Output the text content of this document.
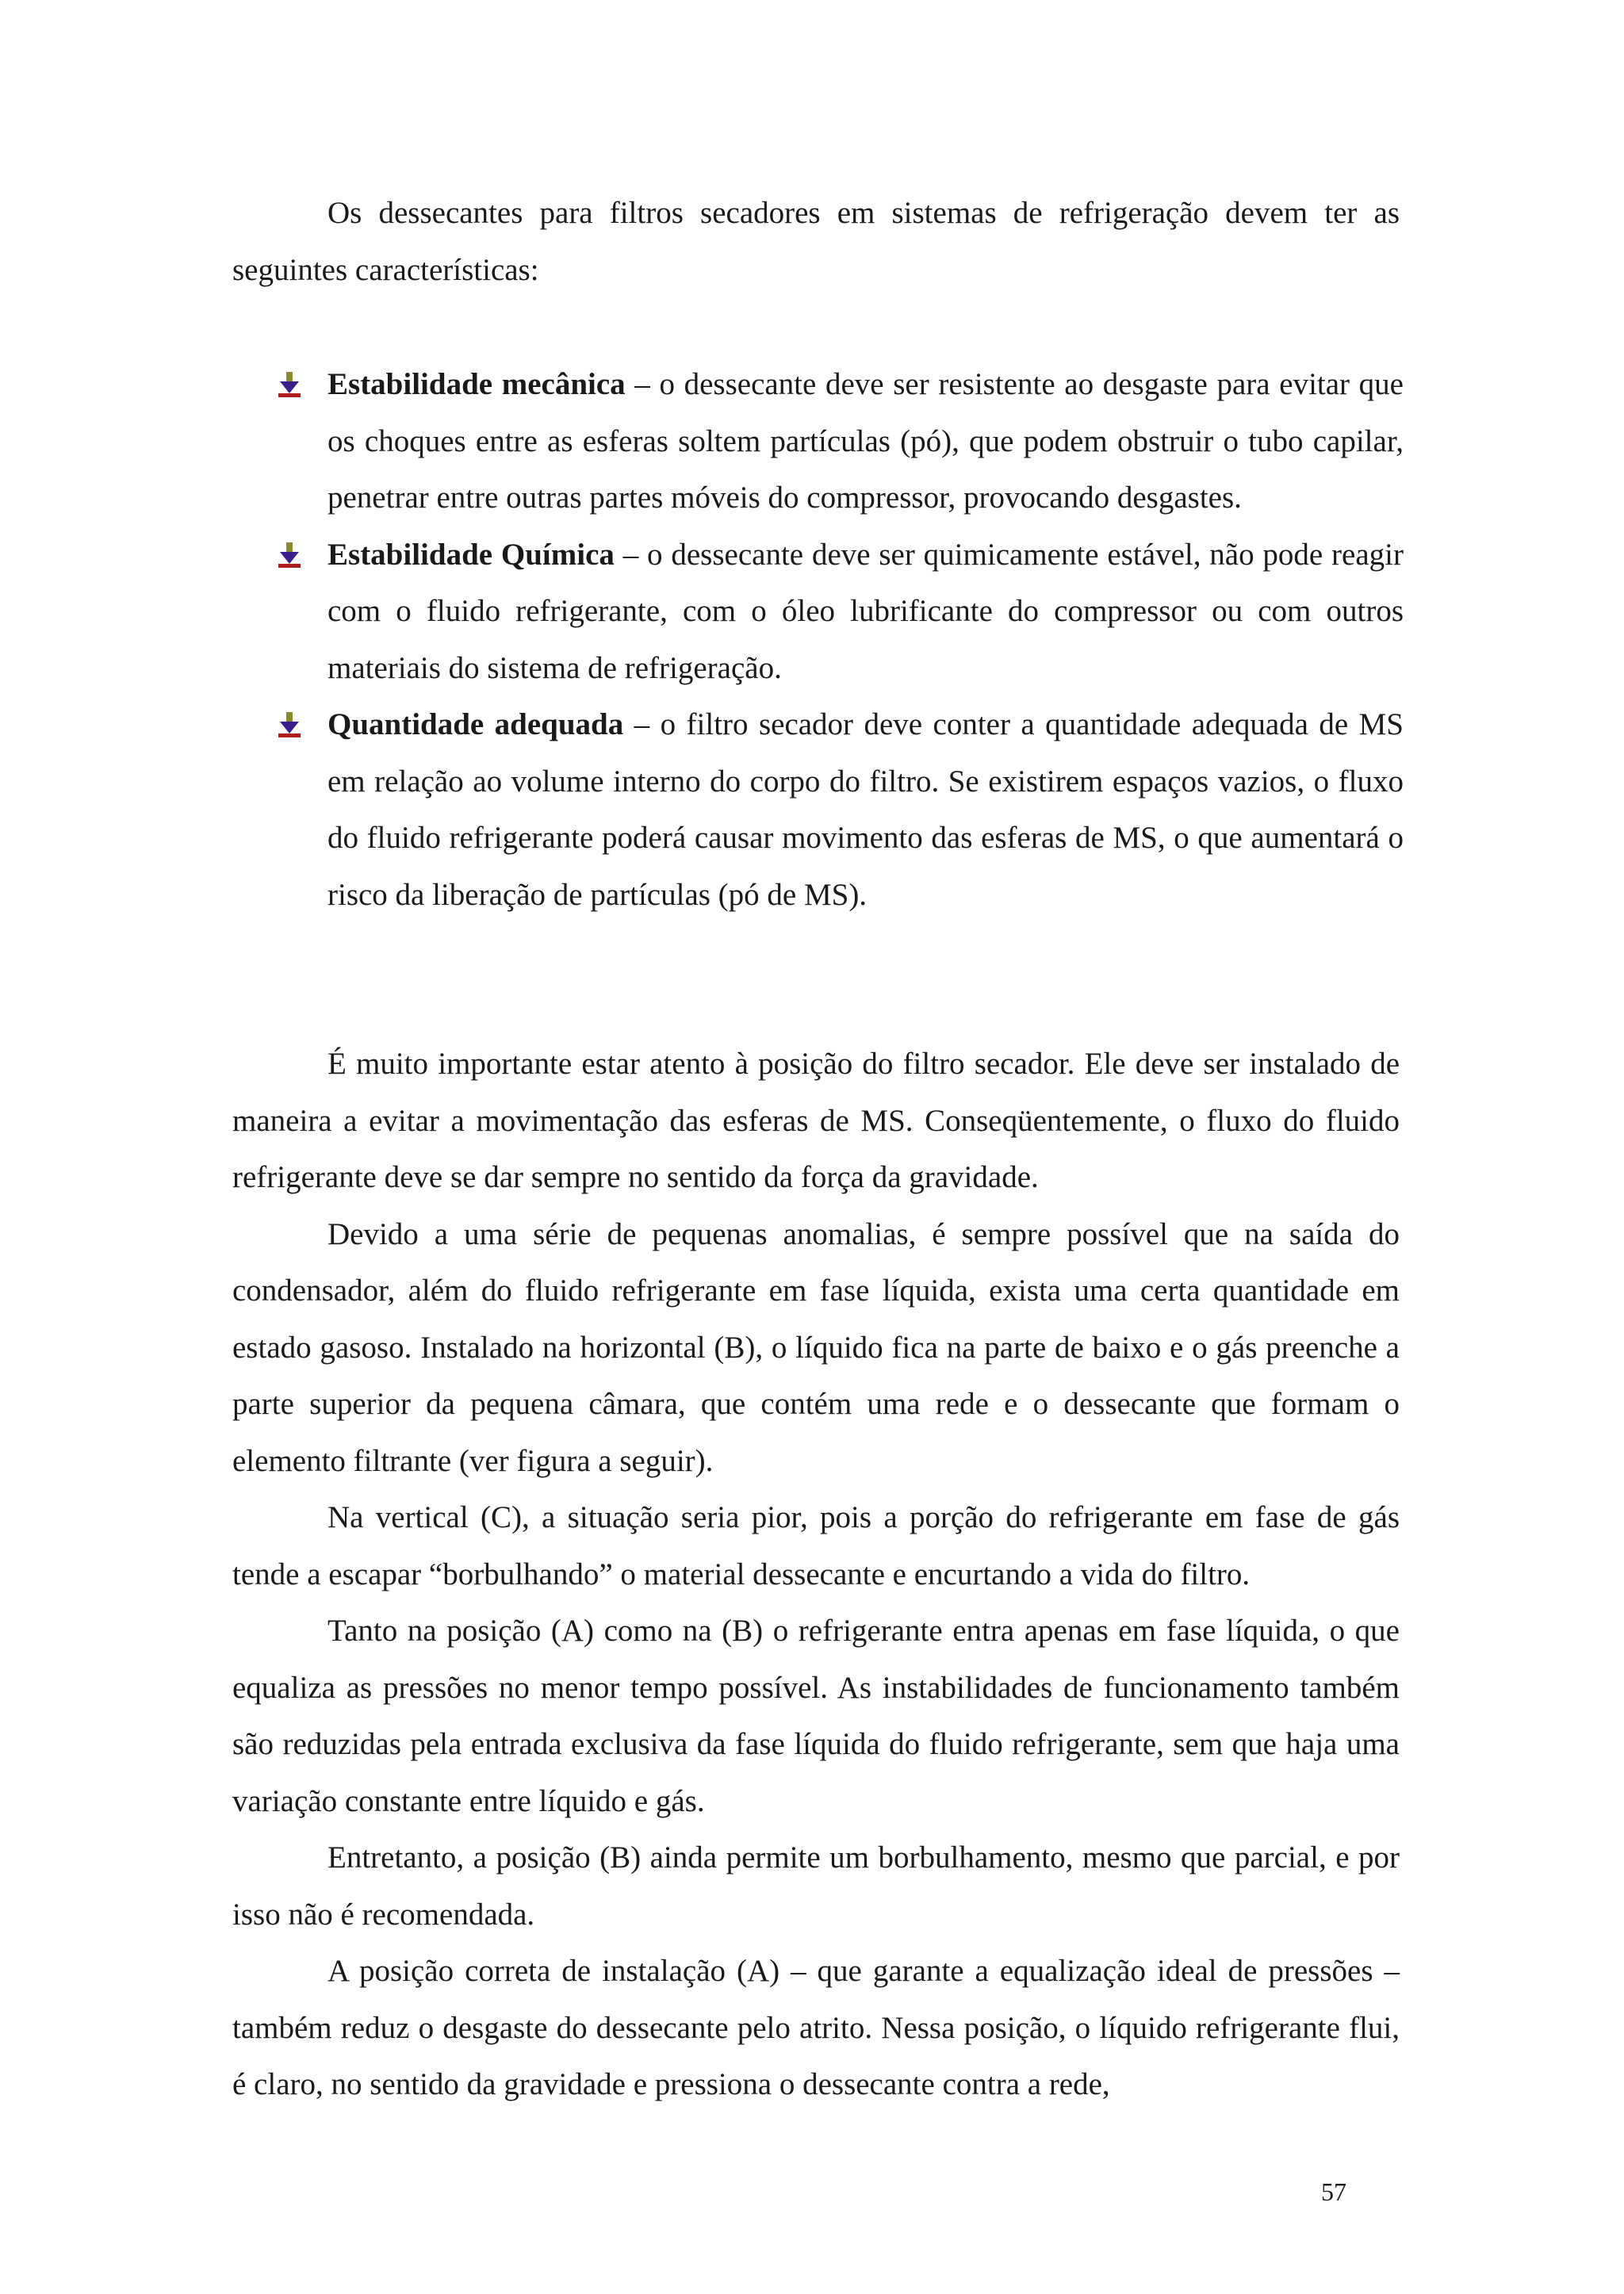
Os dessecantes para filtros secadores em sistemas de refrigeração devem ter as seguintes características:

Estabilidade mecânica – o dessecante deve ser resistente ao desgaste para evitar que os choques entre as esferas soltem partículas (pó), que podem obstruir o tubo capilar, penetrar entre outras partes móveis do compressor, provocando desgastes.
Estabilidade Química – o dessecante deve ser quimicamente estável, não pode reagir com o fluido refrigerante, com o óleo lubrificante do compressor ou com outros materiais do sistema de refrigeração.
Quantidade adequada – o filtro secador deve conter a quantidade adequada de MS em relação ao volume interno do corpo do filtro. Se existirem espaços vazios, o fluxo do fluido refrigerante poderá causar movimento das esferas de MS, o que aumentará o risco da liberação de partículas (pó de MS).

É muito importante estar atento à posição do filtro secador. Ele deve ser instalado de maneira a evitar a movimentação das esferas de MS. Conseqüentemente, o fluxo do fluido refrigerante deve se dar sempre no sentido da força da gravidade.

Devido a uma série de pequenas anomalias, é sempre possível que na saída do condensador, além do fluido refrigerante em fase líquida, exista uma certa quantidade em estado gasoso. Instalado na horizontal (B), o líquido fica na parte de baixo e o gás preenche a parte superior da pequena câmara, que contém uma rede e o dessecante que formam o elemento filtrante (ver figura a seguir).

Na vertical (C), a situação seria pior, pois a porção do refrigerante em fase de gás tende a escapar “borbulhando” o material dessecante e encurtando a vida do filtro.

Tanto na posição (A) como na (B) o refrigerante entra apenas em fase líquida, o que equaliza as pressões no menor tempo possível. As instabilidades de funcionamento também são reduzidas pela entrada exclusiva da fase líquida do fluido refrigerante, sem que haja uma variação constante entre líquido e gás.

Entretanto, a posição (B) ainda permite um borbulhamento, mesmo que parcial, e por isso não é recomendada.

A posição correta de instalação (A) – que garante a equalização ideal de pressões – também reduz o desgaste do dessecante pelo atrito. Nessa posição, o líquido refrigerante flui, é claro, no sentido da gravidade e pressiona o dessecante contra a rede,

57
